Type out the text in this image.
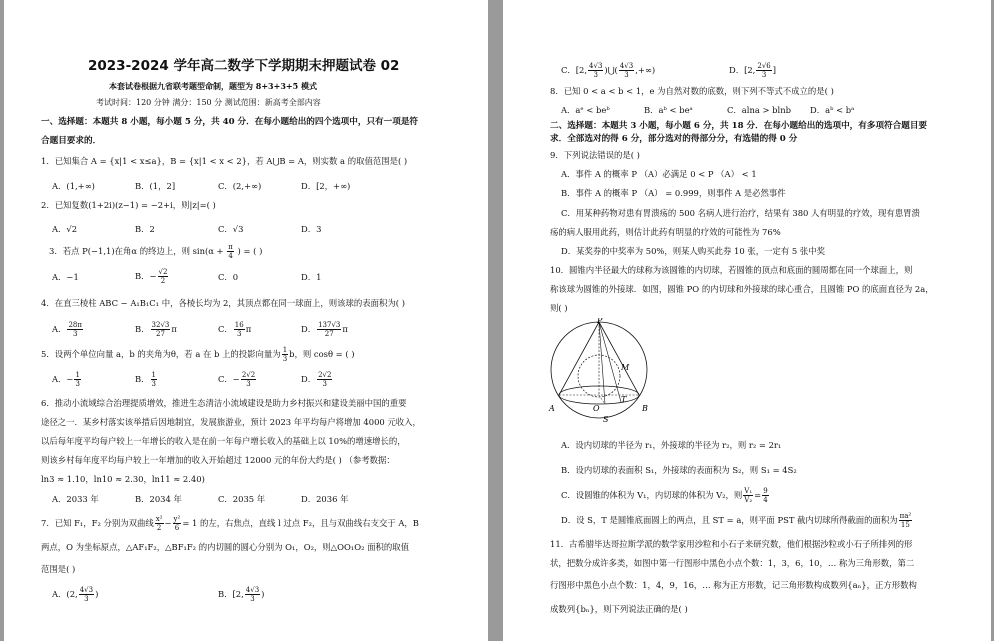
2023-2024 学年高二数学下学期期末押题试卷 02
本套试卷根据九省联考题型命制，题型为 8+3+3+5 模式
考试时间：120 分钟 满分：150 分 测试范围：新高考全部内容
一、选择题：本题共 8 小题，每小题 5 分，共 40 分．在每小题给出的四个选项中，只有一项是符
合题目要求的．
1．已知集合 A = {x|1 < x≤a}，B = {x|1 < x < 2}，若 A⋃B = A，则实数 a 的取值范围是( )
A．(1,+∞)	B．(1，2]	C．(2,+∞)	D．[2，+∞)
2．已知复数(1+2i)(z−1) = −2+i，则|z|=( )
A．√2	B．2	C．√3	D．3
3．若点 P(−1,1)在角α 的终边上，则 $\sin(\alpha + \frac{\pi}{4}$ ) = ( )
A．−1	B．− $\frac{√2}{2}$	C．0	D．1
4．在直三棱柱 ABC − A₁B₁C₁ 中，各棱长均为 2，其顶点都在同一球面上，则该球的表面积为( )
A． $\frac{28\pi}{3}$	B． $\frac{32√3}{27}$ π	C． $\frac{16}{3}$ π	D． $\frac{137√3}{27}$ π
5．设两个单位向量 a，b 的夹角为θ，若 a 在 b 上的投影向量为 $\frac{1}{3}$ b，则 cosθ = ( )
A．− $\frac{1}{3}$	B． $\frac{1}{3}$	C．− $\frac{2√2}{3}$	D． $\frac{2√2}{3}$
6．推动小流域综合治理提质增效，推进生态清洁小流域建设是助力乡村振兴和建设美丽中国的重要
途径之一．某乡村落实该举措后因地制宜，发展旅游业，预计 2023 年平均每户将增加 4000 元收入，
以后每年度平均每户较上一年增长的收入是在前一年每户增长收入的基础上以 10%的增速增长的，
则该乡村每年度平均每户较上一年增加的收入开始超过 12000 元的年份大约是( ) （参考数据：
ln3 ≈ 1.10，ln10 ≈ 2.30，ln11 ≈ 2.40)
A．2033 年	B．2034 年	C．2035 年	D．2036 年
7．已知 F₁，F₂ 分别为双曲线 $\frac{\text{x²}}{2} - \frac{\text{y²}}{6} = 1$ 的左，右焦点，直线 l 过点 F₂，且与双曲线右支交于 A，B
两点，O 为坐标原点，△AF₁F₂，△BF₁F₂ 的内切圆的圆心分别为 O₁，O₂，则△OO₁O₂ 面积的取值
范围是( )
A．(2, $\frac{4√3}{3}$ )	B．[2, $\frac{4√3}{3}$ )
C．[2, $\frac{4√3}{3}$ )⋃( $\frac{4√3}{3}$ ,+∞)	D．[2, $\frac{2√6}{3}$ ]
8．已知 0 < a < b < 1，e 为自然对数的底数，则下列不等式不成立的是( )
A．aᵉ < beᵇ	B．aᵇ < beᵃ	C．alna > blnb D．aᵇ < bᵃ
二、选择题：本题共 3 小题，每小题 6 分，共 18 分．在每小题给出的选项中，有多项符合题目要
求．全部选对的得 6 分，部分选对的得部分分，有选错的得 0 分
9．下列说法错误的是( )
A．事件 A 的概率 P （A）必满足 0 < P （A） < 1
B．事件 A 的概率 P （A） = 0.999，则事件 A 是必然事件
C．用某种药物对患有胃溃疡的 500 名病人进行治疗，结果有 380 人有明显的疗效，现有患胃溃
疡的病人服用此药，则估计此药有明显的疗效的可能性为 76%
D．某奖券的中奖率为 50%，则某人购买此券 10 张，一定有 5 张中奖
10．圆锥内半径最大的球称为该圆锥的内切球，若圆锥的顶点和底面的圆周都在同一个球面上，则
称该球为圆锥的外接球．如图，圆锥 PO 的内切球和外接球的球心重合，且圆锥 PO 的底面直径为 2a，
则( )
P
M
A	B
O
T
S
A．设内切球的半径为 r₁，外接球的半径为 r₂，则 r₂ = 2r₁
B．设内切球的表面积 S₁，外接球的表面积为 S₂，则 S₁ = 4S₂
C．设圆锥的体积为 V₁，内切球的体积为 V₂，则 $\frac{\text{V₁}}{\text{V₂}} = \frac{9}{4}$
D．设 S，T 是圆锥底面圆上的两点，且 ST = a，则平面 PST 截内切球所得截面的面积为 $\frac{\text{πa²}}{15}$
11．古希腊毕达哥拉斯学派的数学家用沙粒和小石子来研究数，他们根据沙粒或小石子所排列的形
状，把数分成许多类，如图中第一行图形中黑色小点个数：1，3，6，10，… 称为三角形数，第二
行图形中黑色小点个数：1，4，9，16，… 称为正方形数，记三角形数构成数列{aₙ}，正方形数构
成数列{bₙ}，则下列说法正确的是( )
